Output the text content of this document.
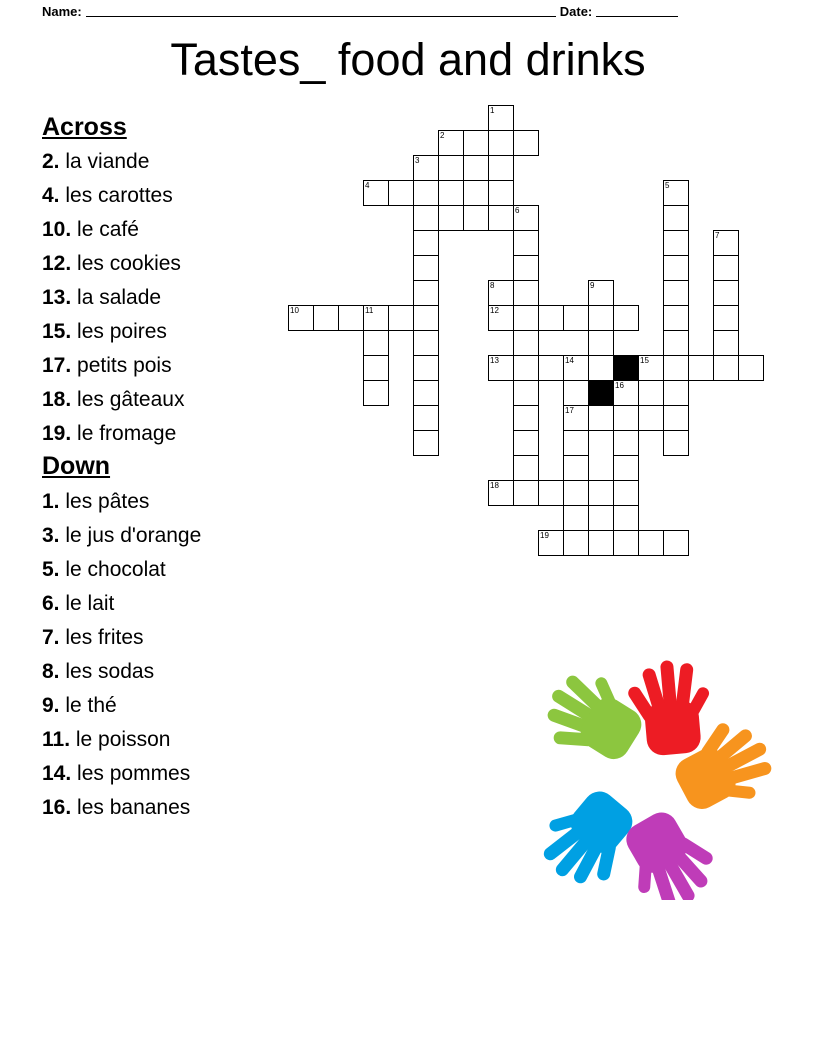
Name:	Date:
Tastes_ food and drinks
Across
2. la viande
4. les carottes
10. le café
12. les cookies
13. la salade
15. les poires
17. petits pois
18. les gâteaux
19. le fromage
Down
1. les pâtes
3. le jus d'orange
5. le chocolat
6. le lait
7. les frites
8. les sodas
9. le thé
11. le poisson
14. les pommes
16. les bananes
1
2
3
4	5
6
7
8	9
10	11	12
13	14	15
16
17
18
19
